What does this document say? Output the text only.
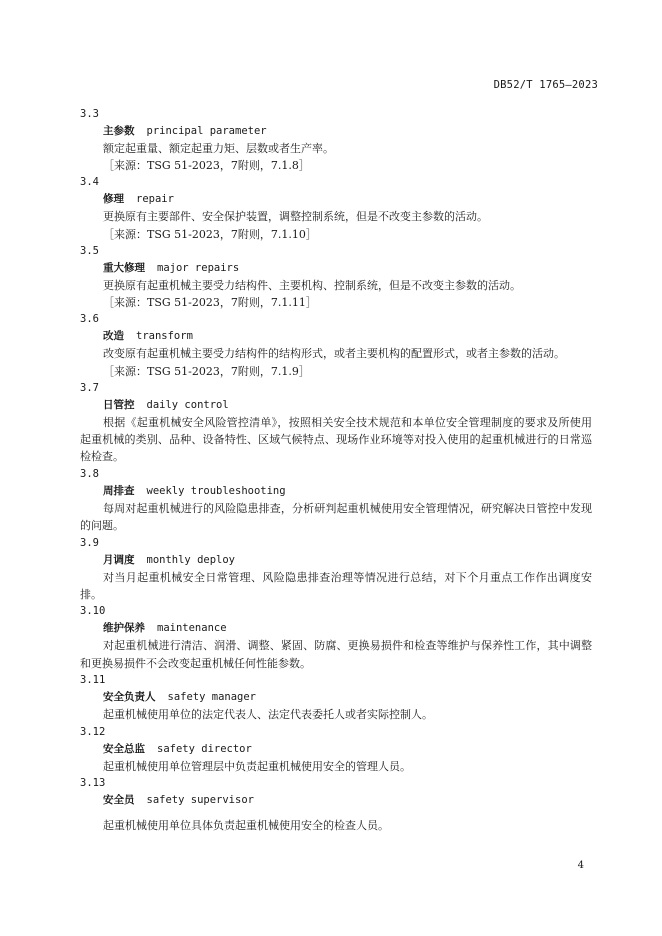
DB52/T 1765—2023
3.3
主参数 principal parameter
额定起重量、额定起重力矩、层数或者生产率。
［来源：TSG 51-2023，7附则，7.1.8］
3.4
修理 repair
更换原有主要部件、安全保护装置，调整控制系统，但是不改变主参数的活动。
［来源：TSG 51-2023，7附则，7.1.10］
3.5
重大修理 major repairs
更换原有起重机械主要受力结构件、主要机构、控制系统，但是不改变主参数的活动。
［来源：TSG 51-2023，7附则，7.1.11］
3.6
改造 transform
改变原有起重机械主要受力结构件的结构形式，或者主要机构的配置形式，或者主参数的活动。
［来源：TSG 51-2023，7附则，7.1.9］
3.7
日管控 daily control
根据《起重机械安全风险管控清单》，按照相关安全技术规范和本单位安全管理制度的要求及所使用起重机械的类别、品种、设备特性、区域气候特点、现场作业环境等对投入使用的起重机械进行的日常巡检检查。
3.8
周排查 weekly troubleshooting
每周对起重机械进行的风险隐患排查，分析研判起重机械使用安全管理情况，研究解决日管控中发现的问题。
3.9
月调度 monthly deploy
对当月起重机械安全日常管理、风险隐患排查治理等情况进行总结，对下个月重点工作作出调度安排。
3.10
维护保养 maintenance
对起重机械进行清洁、润滑、调整、紧固、防腐、更换易损件和检查等维护与保养性工作，其中调整和更换易损件不会改变起重机械任何性能参数。
3.11
安全负责人 safety manager
起重机械使用单位的法定代表人、法定代表委托人或者实际控制人。
3.12
安全总监 safety director
起重机械使用单位管理层中负责起重机械使用安全的管理人员。
3.13
安全员 safety supervisor
起重机械使用单位具体负责起重机械使用安全的检查人员。
4
